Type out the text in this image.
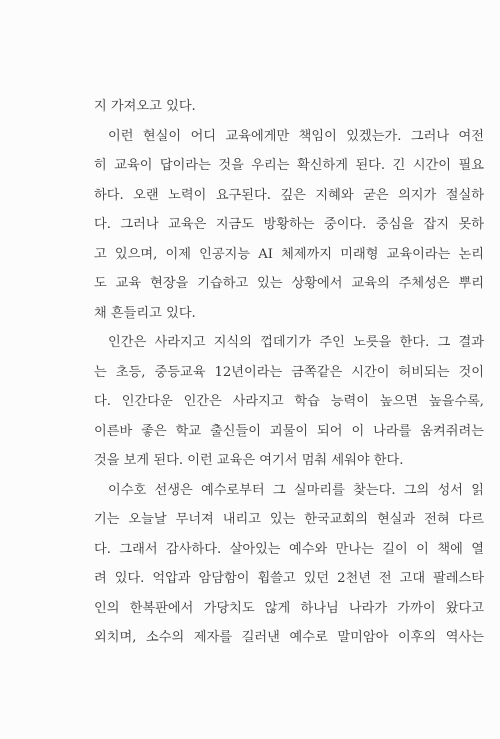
지 가져오고 있다.
이런 현실이 어디 교육에게만 책임이 있겠는가. 그러나 여전
히 교육이 답이라는 것을 우리는 확신하게 된다. 긴 시간이 필요
하다. 오랜 노력이 요구된다. 깊은 지혜와 굳은 의지가 절실하
다. 그러나 교육은 지금도 방황하는 중이다. 중심을 잡지 못하
고 있으며, 이제 인공지능 AI 체제까지 미래형 교육이라는 논리
도 교육 현장을 기습하고 있는 상황에서 교육의 주체성은 뿌리
채 흔들리고 있다.
인간은 사라지고 지식의 껍데기가 주인 노릇을 한다. 그 결과
는 초등, 중등교육 12년이라는 금쪽같은 시간이 허비되는 것이
다. 인간다운 인간은 사라지고 학습 능력이 높으면 높을수록,
이른바 좋은 학교 출신들이 괴물이 되어 이 나라를 움켜쥐려는
것을 보게 된다. 이런 교육은 여기서 멈춰 세워야 한다.
이수호 선생은 예수로부터 그 실마리를 찾는다. 그의 성서 읽
기는 오늘날 무너져 내리고 있는 한국교회의 현실과 전혀 다르
다. 그래서 감사하다. 살아있는 예수와 만나는 길이 이 책에 열
려 있다. 억압과 암담함이 휩쓸고 있던 2천년 전 고대 팔레스타
인의 한복판에서 가당치도 않게 하나님 나라가 가까이 왔다고
외치며, 소수의 제자를 길러낸 예수로 말미암아 이후의 역사는
